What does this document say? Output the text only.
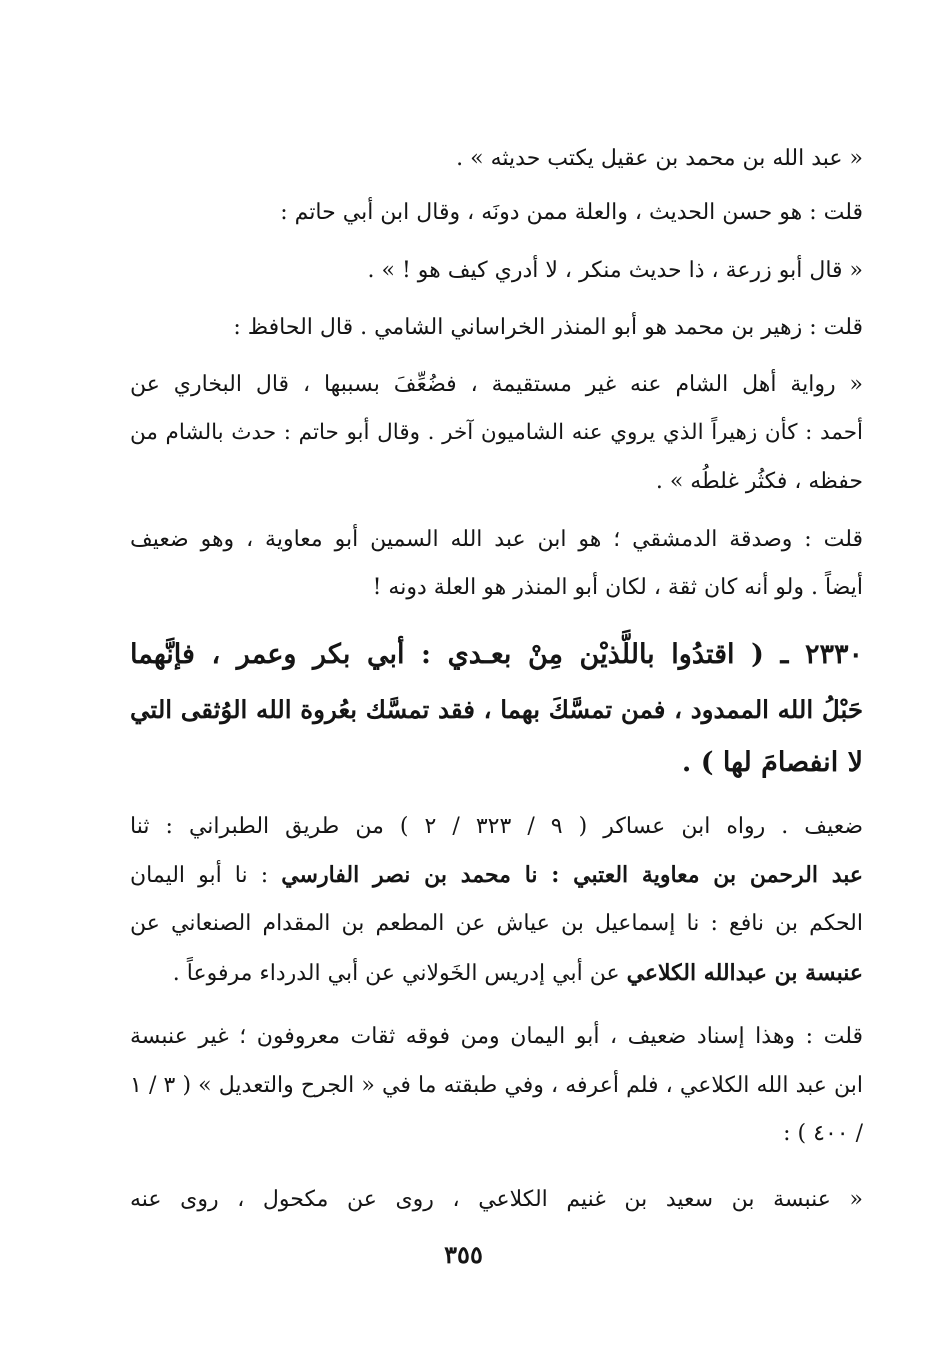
« عبد الله بن محمد بن عقيل يكتب حديثه » .
قلت : هو حسن الحديث ، والعلة ممن دونَه ، وقال ابن أبي حاتم :
« قال أبو زرعة ، ذا حديث منكر ، لا أدري كيف هو ! » .
قلت : زهير بن محمد هو أبو المنذر الخراساني الشامي . قال الحافظ :
« رواية أهل الشام عنه غير مستقيمة ، فضُعِّفَ بسببها ، قال البخاري عن
أحمد : كأن زهيراً الذي يروي عنه الشاميون آخر . وقال أبو حاتم : حدث بالشام من
حفظه ، فكثُر غلطُه » .
قلت : وصدقة الدمشقي ؛ هو ابن عبد الله السمين أبو معاوية ، وهو ضعيف
أيضاً . ولو أنه كان ثقة ، لكان أبو المنذر هو العلة دونه !
٢٣٣٠ ـ ( اقتدُوا باللَّذيْن مِنْ بعـدي : أبي بكر وعمر ، فإنَّهما
حَبْلُ الله الممدود ، فمن تمسَّكَ بهما ، فقد تمسَّك بعُروة الله الوُثقى التي
لا انفصامَ لها ) .
ضعيف . رواه ابن عساكر ( ٩ / ٣٢٣ / ٢ ) من طريق الطبراني : ثنا
عبد الرحمن بن معاوية العتبي : نا محمد بن نصر الفارسي : نا أبو اليمان
الحكم بن نافع : نا إسماعيل بن عياش عن المطعم بن المقدام الصنعاني عن
عنبسة بن عبدالله الكلاعي عن أبي إدريس الخَولاني عن أبي الدرداء مرفوعاً .
قلت : وهذا إسناد ضعيف ، أبو اليمان ومن فوقه ثقات معروفون ؛ غير عنبسة
ابن عبد الله الكلاعي ، فلم أعرفه ، وفي طبقته ما في « الجرح والتعديل » ( ٣ / ١
/ ٤٠٠ ) :
« عنبسة بن سعيد بن غنيم الكلاعي ، روى عن مكحول ، روى عنه
٣٥٥
